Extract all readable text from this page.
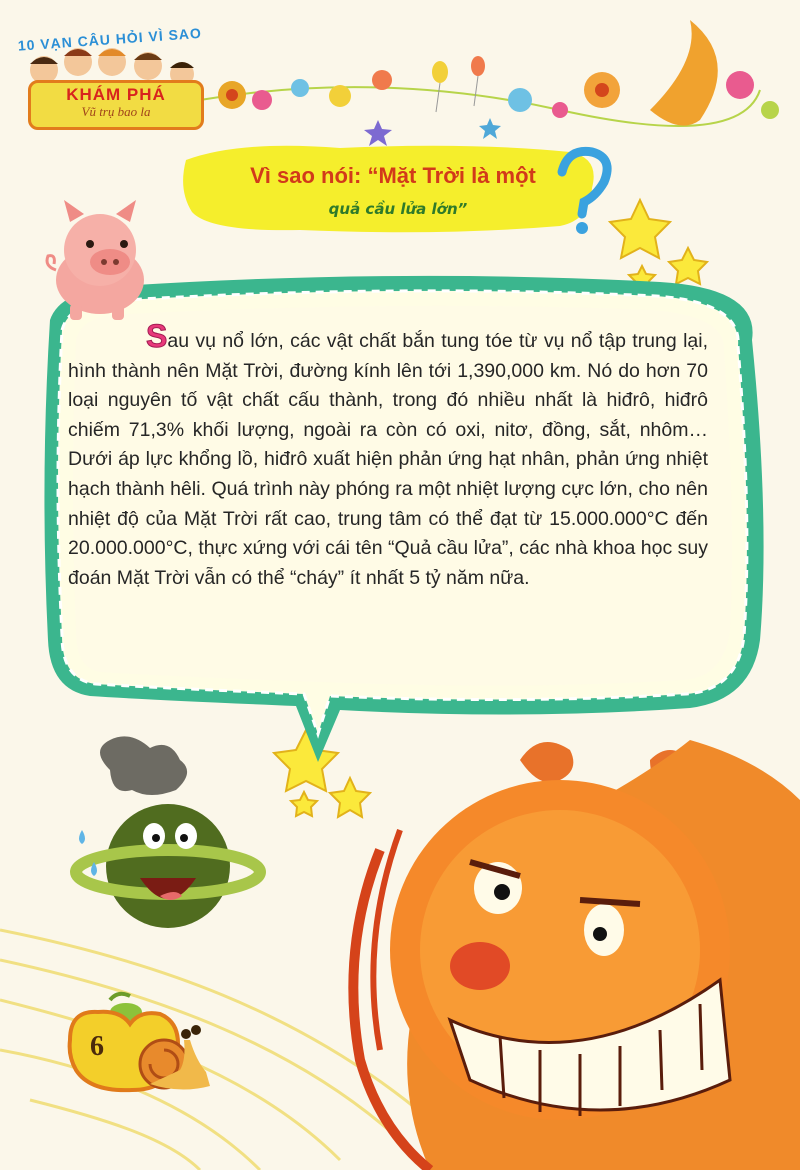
10 VẠN CÂU HỎI VÌ SAO
KHÁM PHÁ
Vũ trụ bao la
Vì sao nói: “Mặt Trời là một
quả cầu lửa lớn”

Sau vụ nổ lớn, các vật chất bắn tung tóe từ vụ nổ tập trung lại, hình thành nên Mặt Trời, đường kính lên tới 1,390,000 km. Nó do hơn 70 loại nguyên tố vật chất cấu thành, trong đó nhiều nhất là hiđrô, hiđrô chiếm 71,3% khối lượng, ngoài ra còn có oxi, nitơ, đồng, sắt, nhôm… Dưới áp lực khổng lồ, hiđrô xuất hiện phản ứng hạt nhân, phản ứng nhiệt hạch thành hêli. Quá trình này phóng ra một nhiệt lượng cực lớn, cho nên nhiệt độ của Mặt Trời rất cao, trung tâm có thể đạt từ 15.000.000°C đến 20.000.000°C, thực xứng với cái tên “Quả cầu lửa”, các nhà khoa học suy đoán Mặt Trời vẫn có thể “cháy” ít nhất 5 tỷ năm nữa.

6
